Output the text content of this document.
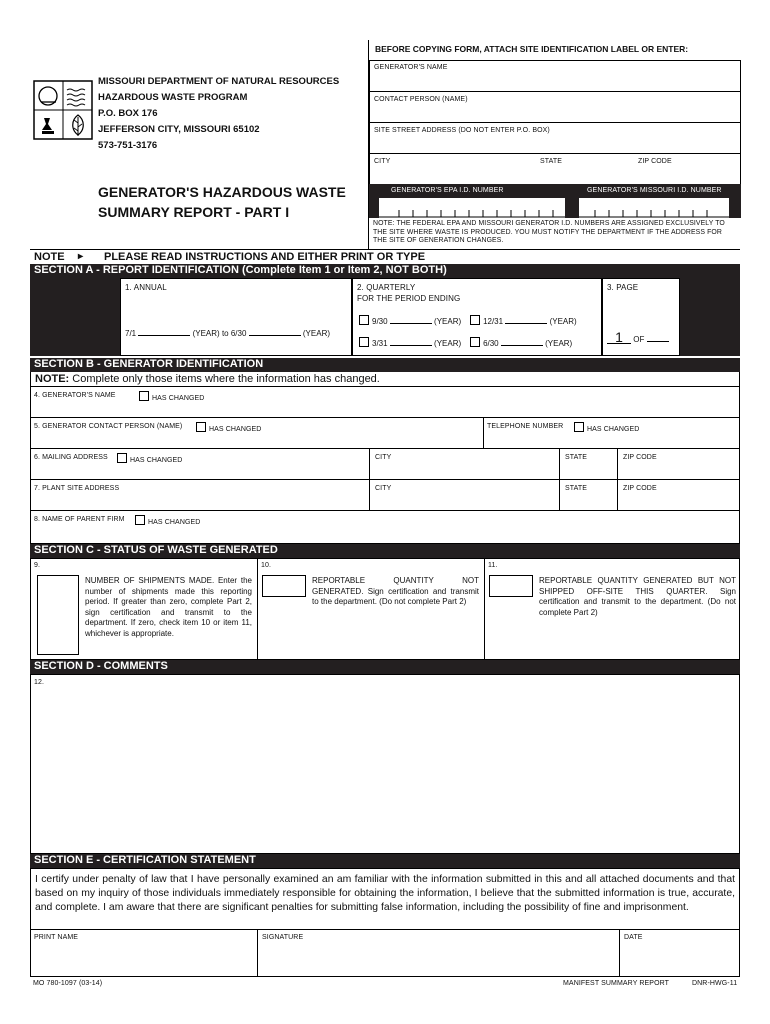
MISSOURI DEPARTMENT OF NATURAL RESOURCES
HAZARDOUS WASTE PROGRAM
P.O. BOX 176
JEFFERSON CITY, MISSOURI 65102
573-751-3176
GENERATOR'S HAZARDOUS WASTE
SUMMARY REPORT - PART I
BEFORE COPYING FORM, ATTACH SITE IDENTIFICATION LABEL OR ENTER:
GENERATOR'S NAME
CONTACT PERSON (NAME)
SITE STREET ADDRESS (DO NOT ENTER P.O. BOX)
CITY	STATE	ZIP CODE
GENERATOR'S EPA I.D. NUMBER	GENERATOR'S MISSOURI I.D. NUMBER
NOTE: THE FEDERAL EPA AND MISSOURI GENERATOR I.D. NUMBERS ARE ASSIGNED EXCLUSIVELY TO THE SITE WHERE WASTE IS PRODUCED. YOU MUST NOTIFY THE DEPARTMENT IF THE ADDRESS FOR THE SITE OF GENERATION CHANGES.
NOTE ▸ PLEASE READ INSTRUCTIONS AND EITHER PRINT OR TYPE
SECTION A - REPORT IDENTIFICATION (Complete Item 1 or Item 2, NOT BOTH)
1. ANNUAL
7/1	(YEAR) to 6/30	(YEAR)
2. QUARTERLY
FOR THE PERIOD ENDING
9/30	(YEAR)	12/31	(YEAR)
3/31	(YEAR)	6/30	(YEAR)
3. PAGE
1 OF
SECTION B - GENERATOR IDENTIFICATION
NOTE: Complete only those items where the information has changed.
4. GENERATOR'S NAME	HAS CHANGED
5. GENERATOR CONTACT PERSON (NAME)	HAS CHANGED	TELEPHONE NUMBER	HAS CHANGED
6. MAILING ADDRESS	HAS CHANGED	CITY	STATE	ZIP CODE
7. PLANT SITE ADDRESS	CITY	STATE	ZIP CODE
8. NAME OF PARENT FIRM	HAS CHANGED
SECTION C - STATUS OF WASTE GENERATED
9.
NUMBER OF SHIPMENTS MADE. Enter the number of shipments made this reporting period. If greater than zero, complete Part 2, sign certification and transmit to the department. If zero, check item 10 or item 11, whichever is appropriate.
10.
REPORTABLE QUANTITY NOT GENERATED. Sign certification and transmit to the department. (Do not complete Part 2)
11.
REPORTABLE QUANTITY GENERATED BUT NOT SHIPPED OFF-SITE THIS QUARTER. Sign certification and transmit to the department. (Do not complete Part 2)
SECTION D - COMMENTS
12.
SECTION E - CERTIFICATION STATEMENT
I certify under penalty of law that I have personally examined an am familiar with the information submitted in this and all attached documents and that based on my inquiry of those individuals immediately responsible for obtaining the information, I believe that the submitted information is true, accurate, and complete. I am aware that there are significant penalties for submitting false information, including the possibility of fine and imprisonment.
PRINT NAME	SIGNATURE	DATE
MO 780-1097 (03-14)	MANIFEST SUMMARY REPORT	DNR-HWG-11
